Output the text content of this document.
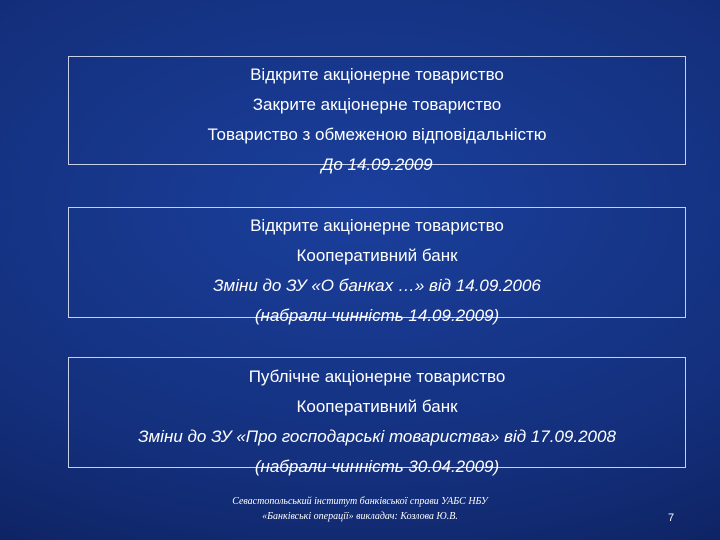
Відкрите акціонерне товариство
Закрите акціонерне товариство
Товариство з обмеженою відповідальністю
До 14.09.2009
Відкрите акціонерне товариство
Кооперативний банк
Зміни до ЗУ «О банках …» від 14.09.2006
(набрали чинність 14.09.2009)
Публічне акціонерне товариство
Кооперативний банк
Зміни до ЗУ «Про господарські товариства» від 17.09.2008
(набрали чинність 30.04.2009)
Севастопольський інститут банківської справи УАБС НБУ
«Банківські операції» викладач: Козлова Ю.В.	7
